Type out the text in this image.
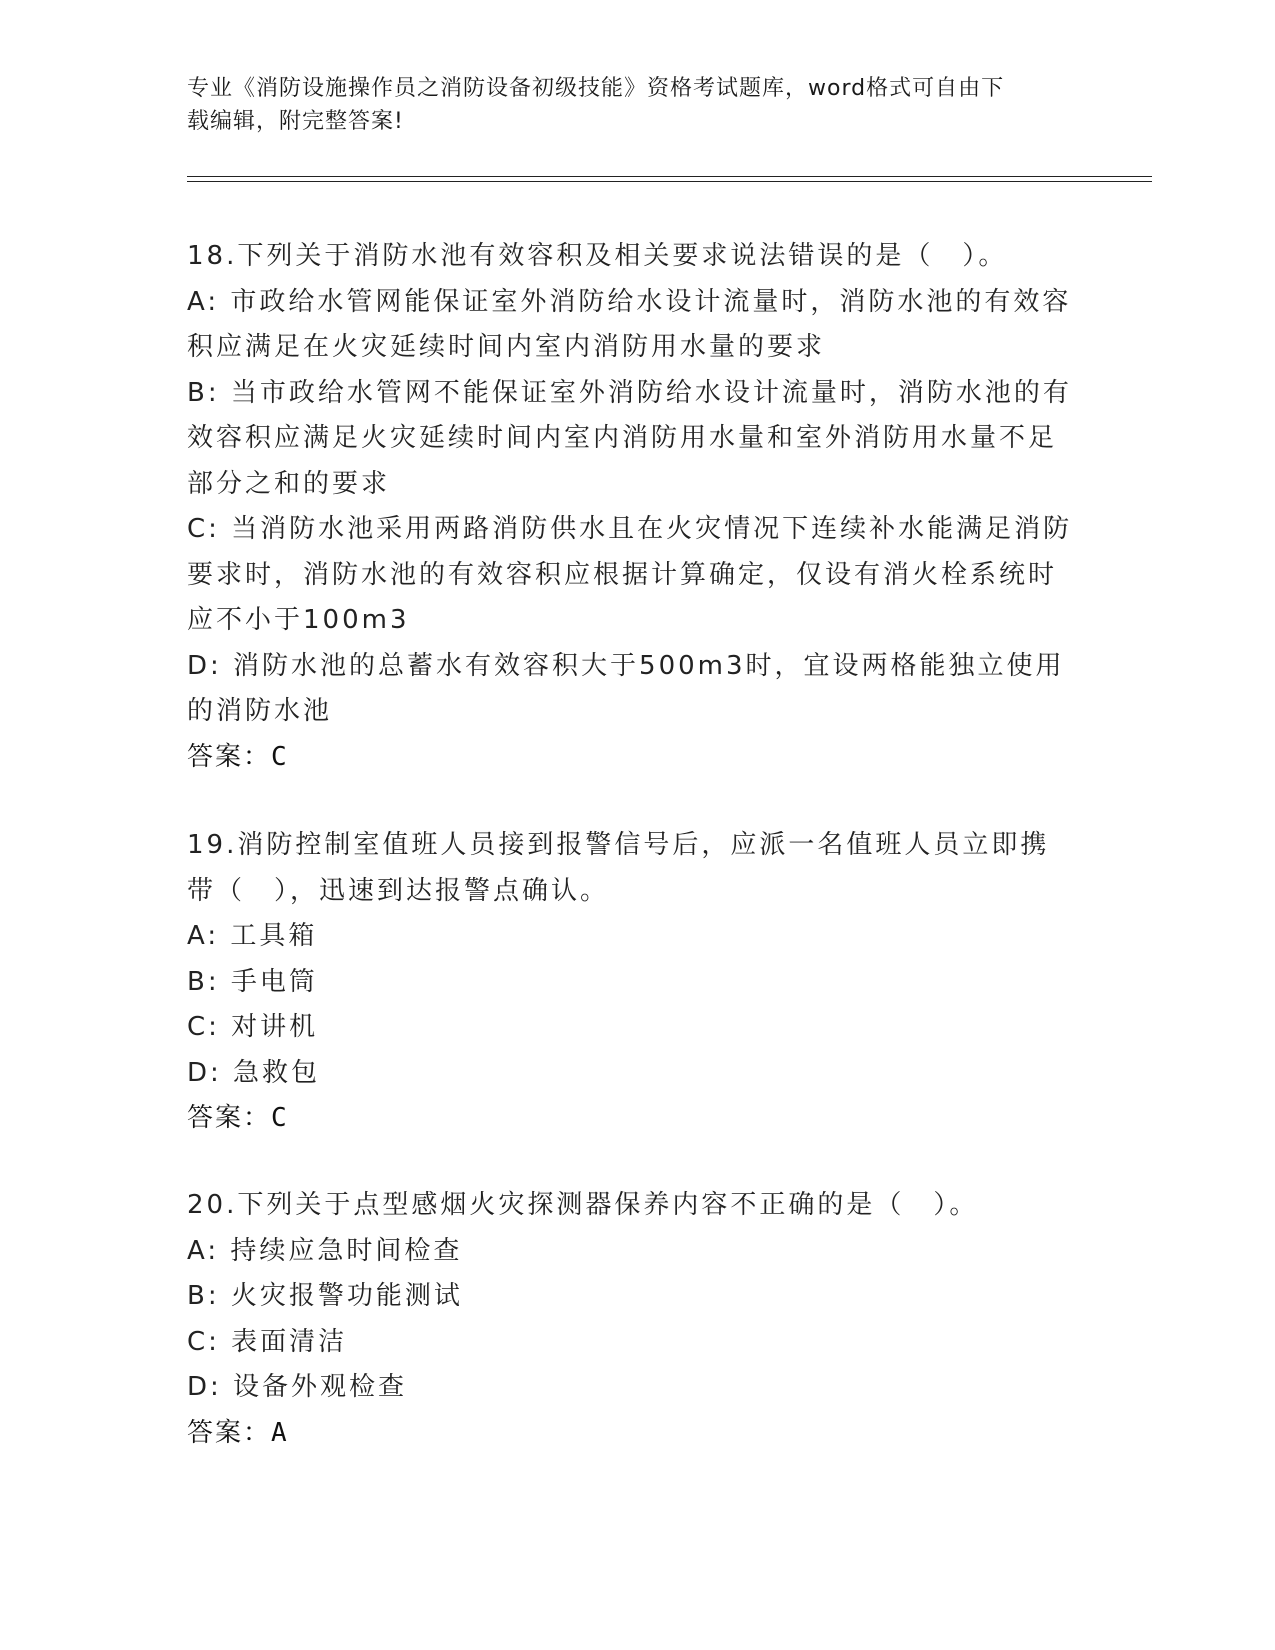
专业《消防设施操作员之消防设备初级技能》资格考试题库，word格式可自由下
载编辑，附完整答案!

18.下列关于消防水池有效容积及相关要求说法错误的是（　）。

A: 市政给水管网能保证室外消防给水设计流量时，消防水池的有效容积应满足在火灾延续时间内室内消防用水量的要求

B: 当市政给水管网不能保证室外消防给水设计流量时，消防水池的有效容积应满足火灾延续时间内室内消防用水量和室外消防用水量不足部分之和的要求

C: 当消防水池采用两路消防供水且在火灾情况下连续补水能满足消防要求时，消防水池的有效容积应根据计算确定，仅设有消火栓系统时应不小于100m3

D: 消防水池的总蓄水有效容积大于500m3时，宜设两格能独立使用的消防水池

答案：C

19.消防控制室值班人员接到报警信号后，应派一名值班人员立即携带（　），迅速到达报警点确认。

A: 工具箱

B: 手电筒

C: 对讲机

D: 急救包

答案：C

20.下列关于点型感烟火灾探测器保养内容不正确的是（　）。

A: 持续应急时间检查

B: 火灾报警功能测试

C: 表面清洁

D: 设备外观检查

答案：A
